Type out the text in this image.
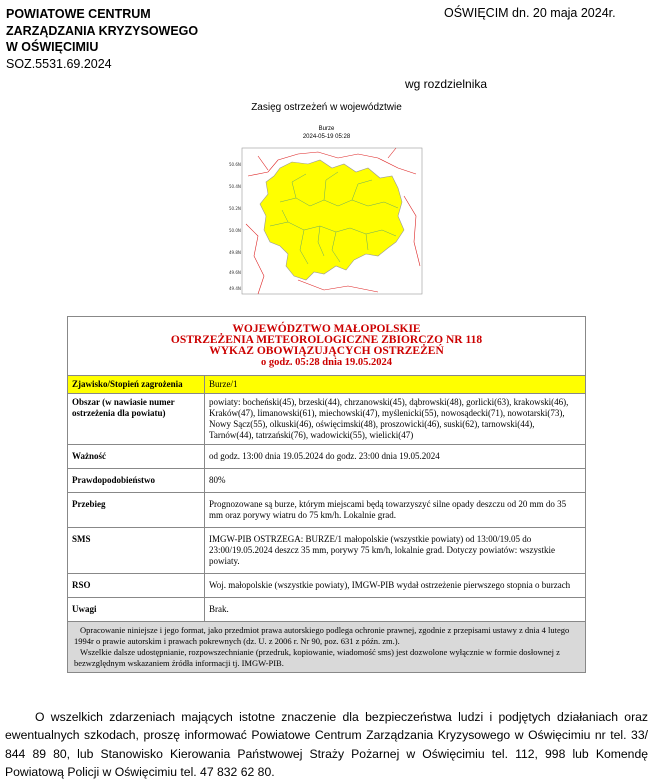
POWIATOWE CENTRUM
ZARZĄDZANIA KRYZYSOWEGO
W OŚWIĘCIMIU
SOZ.5531.69.2024
OŚWIĘCIM dn. 20 maja 2024r.
wg rozdzielnika
Zasięg ostrzeżeń w województwie
Burze
2024-05-19 05:28
50.6N
50.4N
50.2N
50.0N
49.8N
49.6N
49.4N
WOJEWÓDZTWO MAŁOPOLSKIE
OSTRZEŻENIA METEOROLOGICZNE ZBIORCZO NR 118
WYKAZ OBOWIĄZUJĄCYCH OSTRZEŻEŃ
o godz. 05:28 dnia 19.05.2024	

Zjawisko/Stopień zagrożenia	Burze/1
Obszar (w nawiasie numer ostrzeżenia dla powiatu)	powiaty: bocheński(45), brzeski(44), chrzanowski(45), dąbrowski(48), gorlicki(63), krakowski(46), Kraków(47), limanowski(61), miechowski(47), myślenicki(55), nowosądecki(71), nowotarski(73), Nowy Sącz(55), olkuski(46), oświęcimski(48), proszowicki(46), suski(62), tarnowski(44), Tarnów(44), tatrzański(76), wadowicki(55), wielicki(47)
Ważność	od godz. 13:00 dnia 19.05.2024 do godz. 23:00 dnia 19.05.2024
Prawdopodobieństwo	80%
Przebieg	Prognozowane są burze, którym miejscami będą towarzyszyć silne opady deszczu od 20 mm do 35 mm oraz porywy wiatru do 75 km/h. Lokalnie grad.
SMS	IMGW-PIB OSTRZEGA: BURZE/1 małopolskie (wszystkie powiaty) od 13:00/19.05 do 23:00/19.05.2024 deszcz 35 mm, porywy 75 km/h, lokalnie grad. Dotyczy powiatów: wszystkie powiaty.
RSO	Woj. małopolskie (wszystkie powiaty), IMGW-PIB wydał ostrzeżenie pierwszego stopnia o burzach
Uwagi	Brak.

Opracowanie niniejsze i jego format, jako przedmiot prawa autorskiego podlega ochronie prawnej, zgodnie z przepisami ustawy z dnia 4 lutego 1994r o prawie autorskim i prawach pokrewnych (dz. U. z 2006 r. Nr 90, poz. 631 z późn. zm.).
Wszelkie dalsze udostępnianie, rozpowszechnianie (przedruk, kopiowanie, wiadomość sms) jest dozwolone wyłącznie w formie dosłownej z bezwzględnym wskazaniem źródła informacji tj. IMGW-PIB.	
O wszelkich zdarzeniach mających istotne znaczenie dla bezpieczeństwa ludzi i podjętych działaniach oraz ewentualnych szkodach, proszę informować Powiatowe Centrum Zarządzania Kryzysowego w Oświęcimiu nr tel. 33/ 844 89 80, lub Stanowisko Kierowania Państwowej Straży Pożarnej w Oświęcimiu tel. 112, 998 lub Komendę Powiatową Policji w Oświęcimiu tel. 47 832 62 80.
